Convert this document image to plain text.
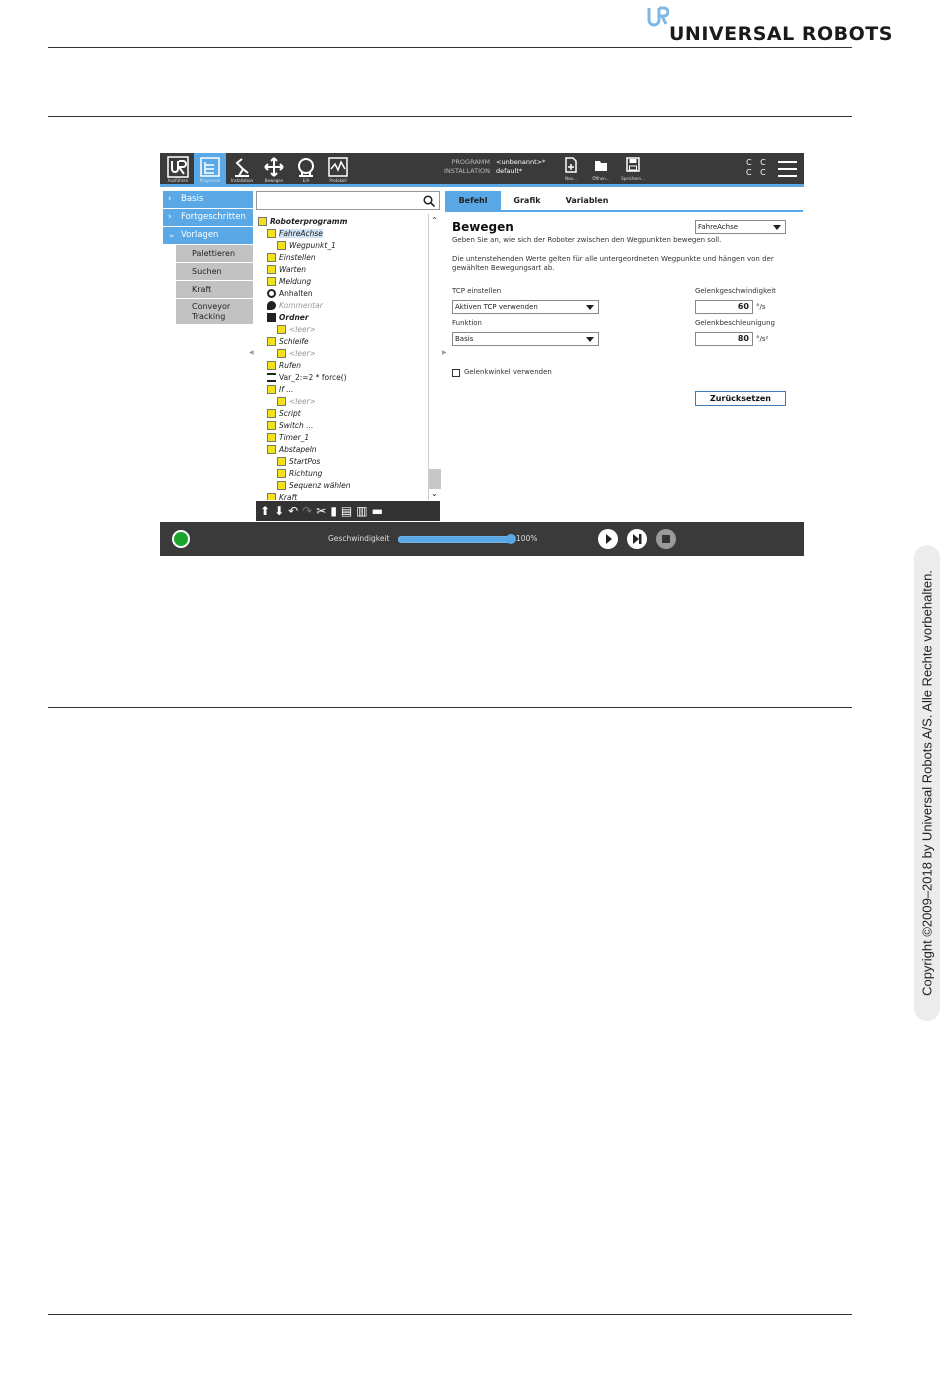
UNIVERSAL ROBOTS
Copyright ©2009–2018 by Universal Robots A/S. Alle Rechte vorbehalten.
Ausführen	Programm	Installation	Bewegen	E/A	Protokoll
PROGRAMM
INSTALLATION
<unbenannt>*
default*
Neu...	Öffnen...	Speichern...
C C
C C
› Basis
› Fortgeschritten
⌄ Vorlagen
Palettieren
Suchen
Kraft
Conveyor Tracking
◀	▶
Roboterprogramm
FahreAchse
Wegpunkt_1
Einstellen
Warten
Meldung
Anhalten
Kommentar
Ordner
<leer>
Schleife
<leer>
Rufen
Var_2:=2 * force()
If ...
<leer>
Script
Switch ...
Timer_1
Abstapeln
StartPos
Richtung
Sequenz wählen
Kraft
⌃
⌄
⬆⬇↶↷✂▮▤▥▬
Befehl	Grafik	Variablen
Bewegen	FahreAchse
Geben Sie an, wie sich der Roboter zwischen den Wegpunkten bewegen soll.
Die untenstehenden Werte gelten für alle untergeordneten Wegpunkte und hängen von der gewählten Bewegungsart ab.
TCP einstellen
Aktiven TCP verwenden
Funktion
Basis
Gelenkgeschwindigkeit
60	°/s
Gelenkbeschleunigung
80	°/s²
Gelenkwinkel verwenden
Zurücksetzen
Geschwindigkeit	100%
